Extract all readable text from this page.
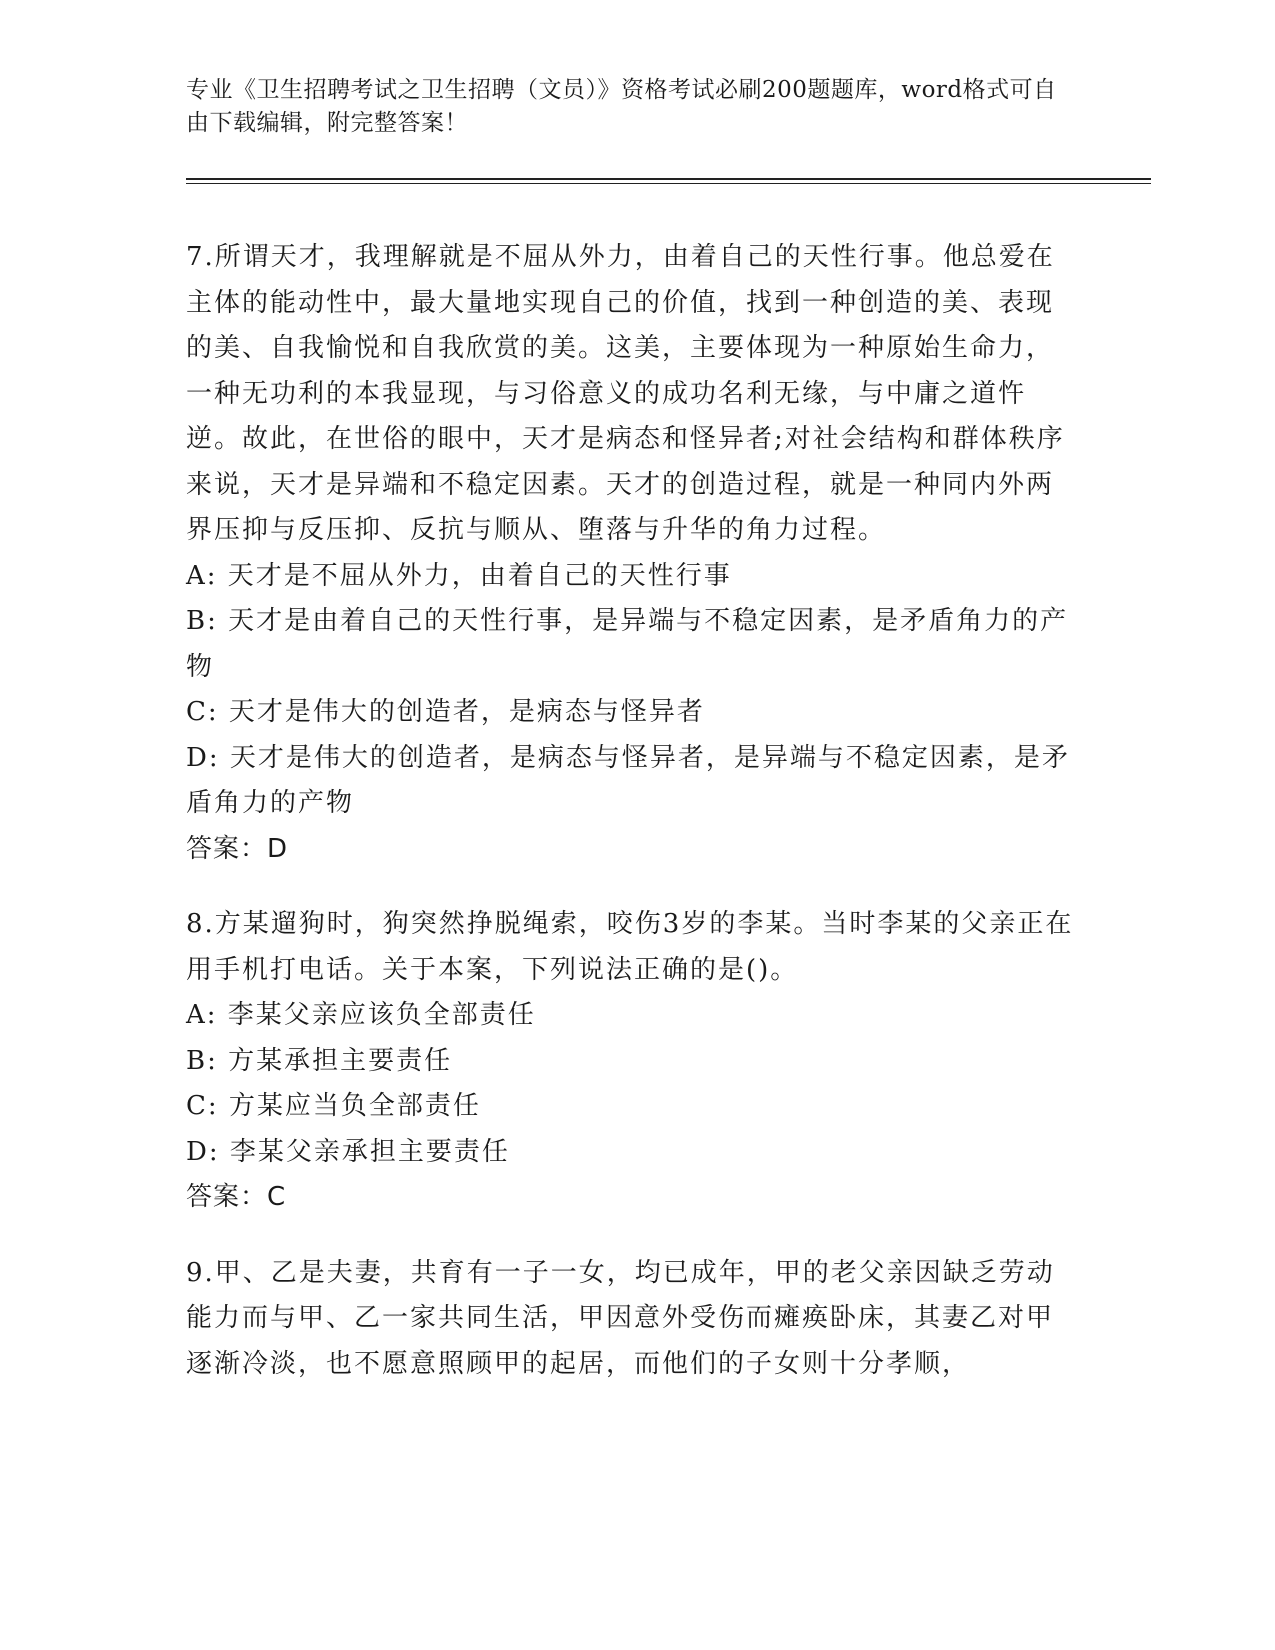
专业《卫生招聘考试之卫生招聘（文员）》资格考试必刷200题题库，word格式可自由下载编辑，附完整答案！

7.所谓天才，我理解就是不屈从外力，由着自己的天性行事。他总爱在主体的能动性中，最大量地实现自己的价值，找到一种创造的美、表现的美、自我愉悦和自我欣赏的美。这美，主要体现为一种原始生命力，一种无功利的本我显现，与习俗意义的成功名利无缘，与中庸之道忤逆。故此，在世俗的眼中，天才是病态和怪异者;对社会结构和群体秩序来说，天才是异端和不稳定因素。天才的创造过程，就是一种同内外两界压抑与反压抑、反抗与顺从、堕落与升华的角力过程。

A: 天才是不屈从外力，由着自己的天性行事

B: 天才是由着自己的天性行事，是异端与不稳定因素，是矛盾角力的产物

C: 天才是伟大的创造者，是病态与怪异者

D: 天才是伟大的创造者，是病态与怪异者，是异端与不稳定因素，是矛盾角力的产物

答案：D

8.方某遛狗时，狗突然挣脱绳索，咬伤3岁的李某。当时李某的父亲正在用手机打电话。关于本案，下列说法正确的是()。

A: 李某父亲应该负全部责任

B: 方某承担主要责任

C: 方某应当负全部责任

D: 李某父亲承担主要责任

答案：C

9.甲、乙是夫妻，共育有一子一女，均已成年，甲的老父亲因缺乏劳动能力而与甲、乙一家共同生活，甲因意外受伤而瘫痪卧床，其妻乙对甲逐渐冷淡，也不愿意照顾甲的起居，而他们的子女则十分孝顺，
